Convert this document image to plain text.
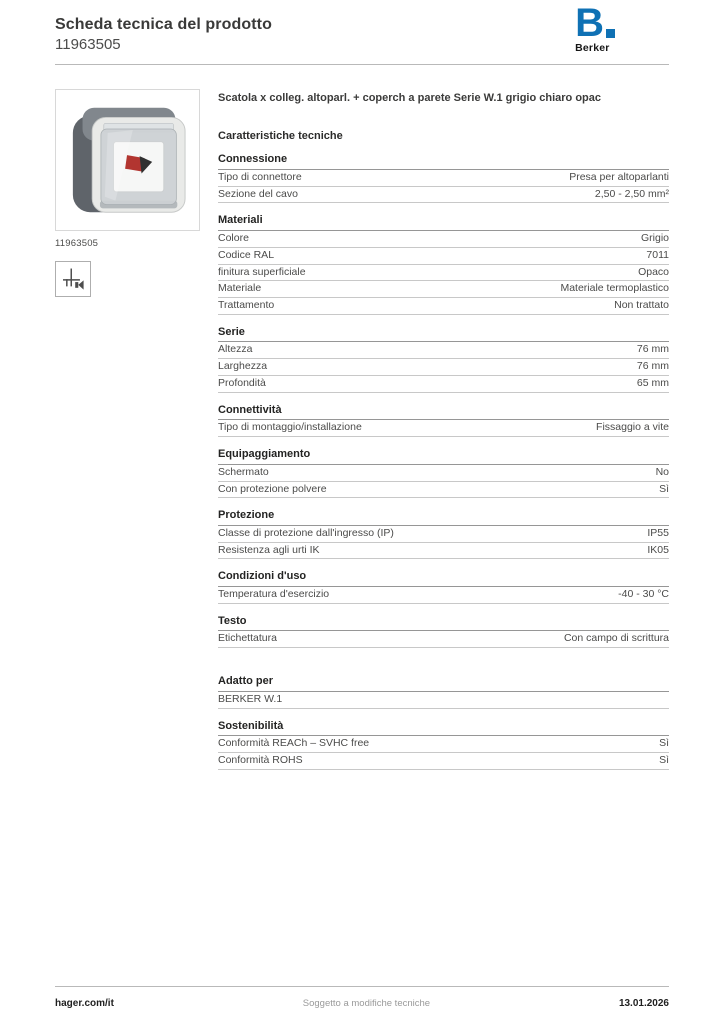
Scheda tecnica del prodotto
11963505	B
Berker
11963505
Scatola x colleg. altoparl. + coperch a parete Serie W.1 grigio chiaro opac
Caratteristiche tecniche
Connessione
Tipo di connettore	Presa per altoparlanti
Sezione del cavo	2,50 - 2,50 mm²
Materiali
Colore	Grigio
Codice RAL	7011
finitura superficiale	Opaco
Materiale	Materiale termoplastico
Trattamento	Non trattato
Serie
Altezza	76 mm
Larghezza	76 mm
Profondità	65 mm
Connettività
Tipo di montaggio/installazione	Fissaggio a vite
Equipaggiamento
Schermato	No
Con protezione polvere	Sì
Protezione
Classe di protezione dall'ingresso (IP)	IP55
Resistenza agli urti IK	IK05
Condizioni d'uso
Temperatura d'esercizio	-40 - 30 °C
Testo
Etichettatura	Con campo di scrittura
Adatto per
BERKER W.1
Sostenibilità
Conformità REACh – SVHC free	Sì
Conformità ROHS	Sì
hager.com/it	Soggetto a modifiche tecniche	13.01.2026
